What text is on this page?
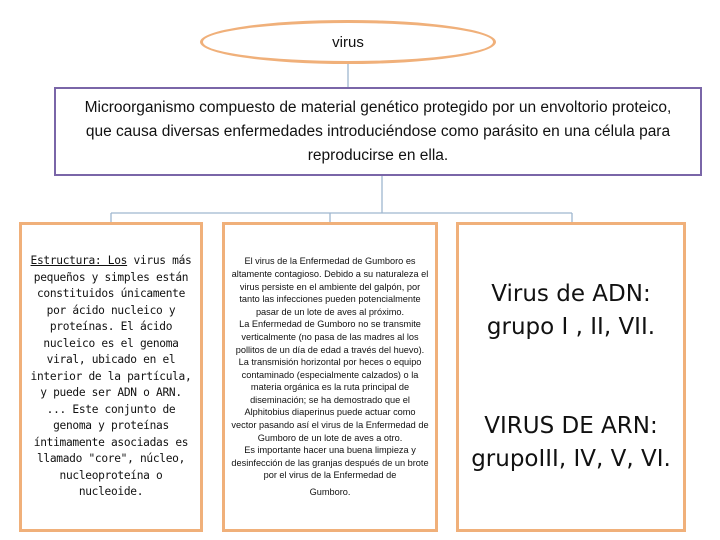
virus
Microorganismo compuesto de material genético protegido por un envoltorio proteico, que causa diversas enfermedades introduciéndose como parásito en una célula para reproducirse en ella.
Estructura: Los virus más pequeños y simples están constituidos únicamente por ácido nucleico y proteínas. El ácido nucleico es el genoma viral, ubicado en el interior de la partícula, y puede ser ADN o ARN. ... Este conjunto de genoma y proteínas íntimamente asociadas es llamado "core", núcleo, nucleoproteína o nucleoide.

El virus de la Enfermedad de Gumboro es altamente contagioso. Debido a su naturaleza el virus persiste en el ambiente del galpón, por tanto las infecciones pueden potencialmente pasar de un lote de aves al próximo.
La Enfermedad de Gumboro no se transmite verticalmente (no pasa de las madres al los pollitos de un día de edad a través del huevo).
La transmisión horizontal por heces o equipo contaminado (especialmente calzados) o la materia orgánica es la ruta principal de diseminación; se ha demostrado que el Alphitobius diaperinus puede actuar como vector pasando así el virus de la Enfermedad de Gumboro de un lote de aves a otro.
Es importante hacer una buena limpieza y desinfección de las granjas después de un brote por el virus de la Enfermedad de

Gumboro.

Virus de ADN:
grupo I , II, VII.
VIRUS DE ARN:
grupoIII, IV, V, VI.
